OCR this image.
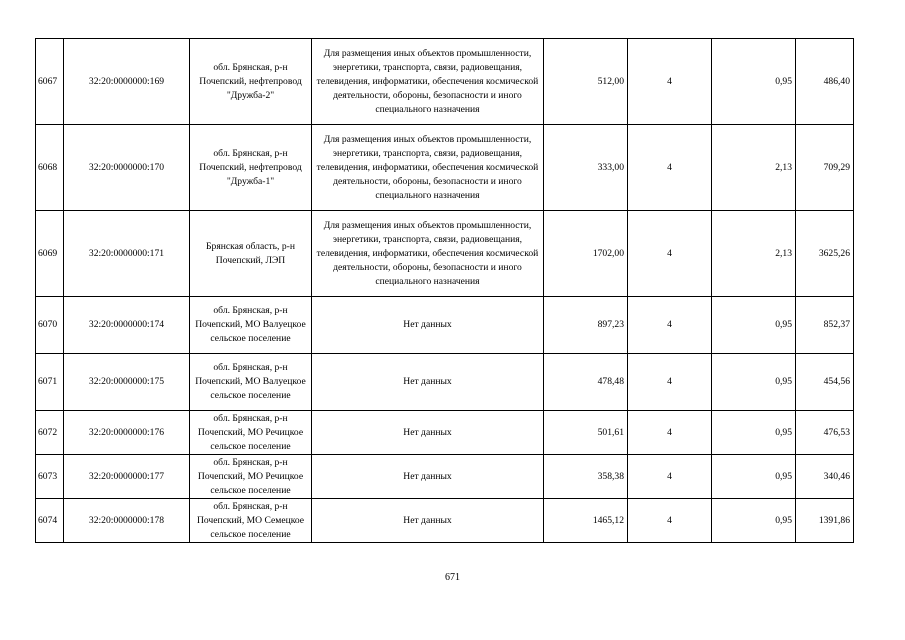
6067	32:20:0000000:169	обл. Брянская, р-н Почепский, нефтепровод "Дружба-2"	Для размещения иных объектов промышленности, энергетики, транспорта, связи, радиовещания, телевидения, информатики, обеспечения космической деятельности, обороны, безопасности и иного специального назначения	512,00	4	0,95	486,40
6068	32:20:0000000:170	обл. Брянская, р-н Почепский, нефтепровод "Дружба-1"	Для размещения иных объектов промышленности, энергетики, транспорта, связи, радиовещания, телевидения, информатики, обеспечения космической деятельности, обороны, безопасности и иного специального назначения	333,00	4	2,13	709,29
6069	32:20:0000000:171	Брянская область, р-н Почепский, ЛЭП	Для размещения иных объектов промышленности, энергетики, транспорта, связи, радиовещания, телевидения, информатики, обеспечения космической деятельности, обороны, безопасности и иного специального назначения	1702,00	4	2,13	3625,26
6070	32:20:0000000:174	обл. Брянская, р-н Почепский, МО Валуецкое сельское поселение	Нет данных	897,23	4	0,95	852,37
6071	32:20:0000000:175	обл. Брянская, р-н Почепский, МО Валуецкое сельское поселение	Нет данных	478,48	4	0,95	454,56
6072	32:20:0000000:176	обл. Брянская, р-н Почепский, МО Речицкое сельское поселение	Нет данных	501,61	4	0,95	476,53
6073	32:20:0000000:177	обл. Брянская, р-н Почепский, МО Речицкое сельское поселение	Нет данных	358,38	4	0,95	340,46
6074	32:20:0000000:178	обл. Брянская, р-н Почепский, МО Семецкое сельское поселение	Нет данных	1465,12	4	0,95	1391,86
671
